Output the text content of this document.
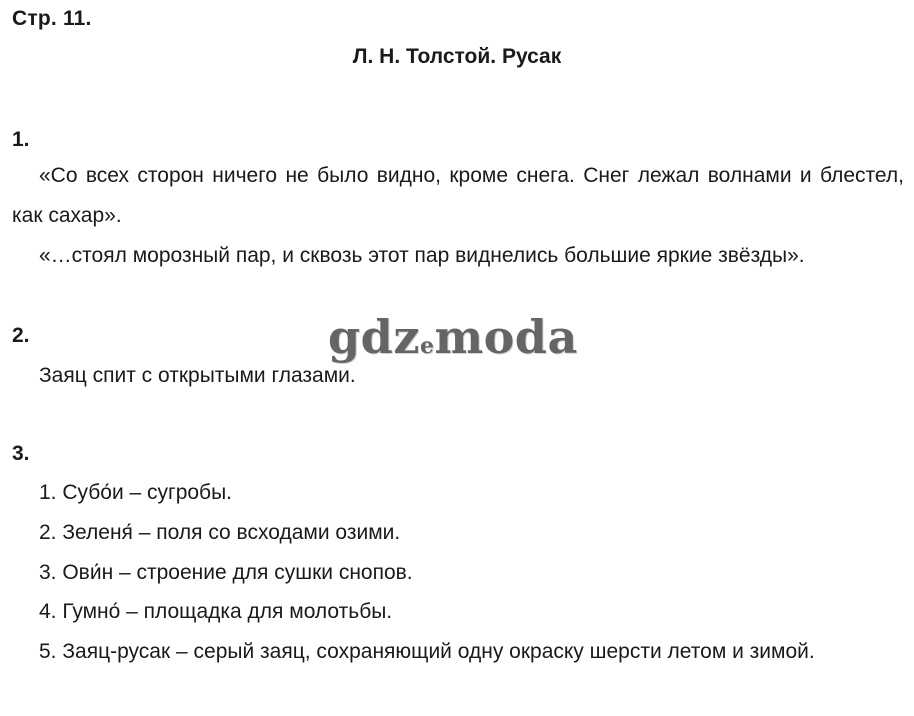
Стр. 11.
Л. Н. Толстой. Русак
1.
«Со всех сторон ничего не было видно, кроме снега. Снег лежал волнами и блестел, как сахар».
«…стоял морозный пар, и сквозь этот пар виднелись большие яркие звёзды».
2.
Заяц спит с открытыми глазами.
3.
1. Субо́и – сугробы.
2. Зеленя́ – поля со всходами озими.
3. Ови́н – строение для сушки снопов.
4. Гумно́ – площадка для молотьбы.
5. Заяц-русак – серый заяц, сохраняющий одну окраску шерсти летом и зимой.
gdzemoda
